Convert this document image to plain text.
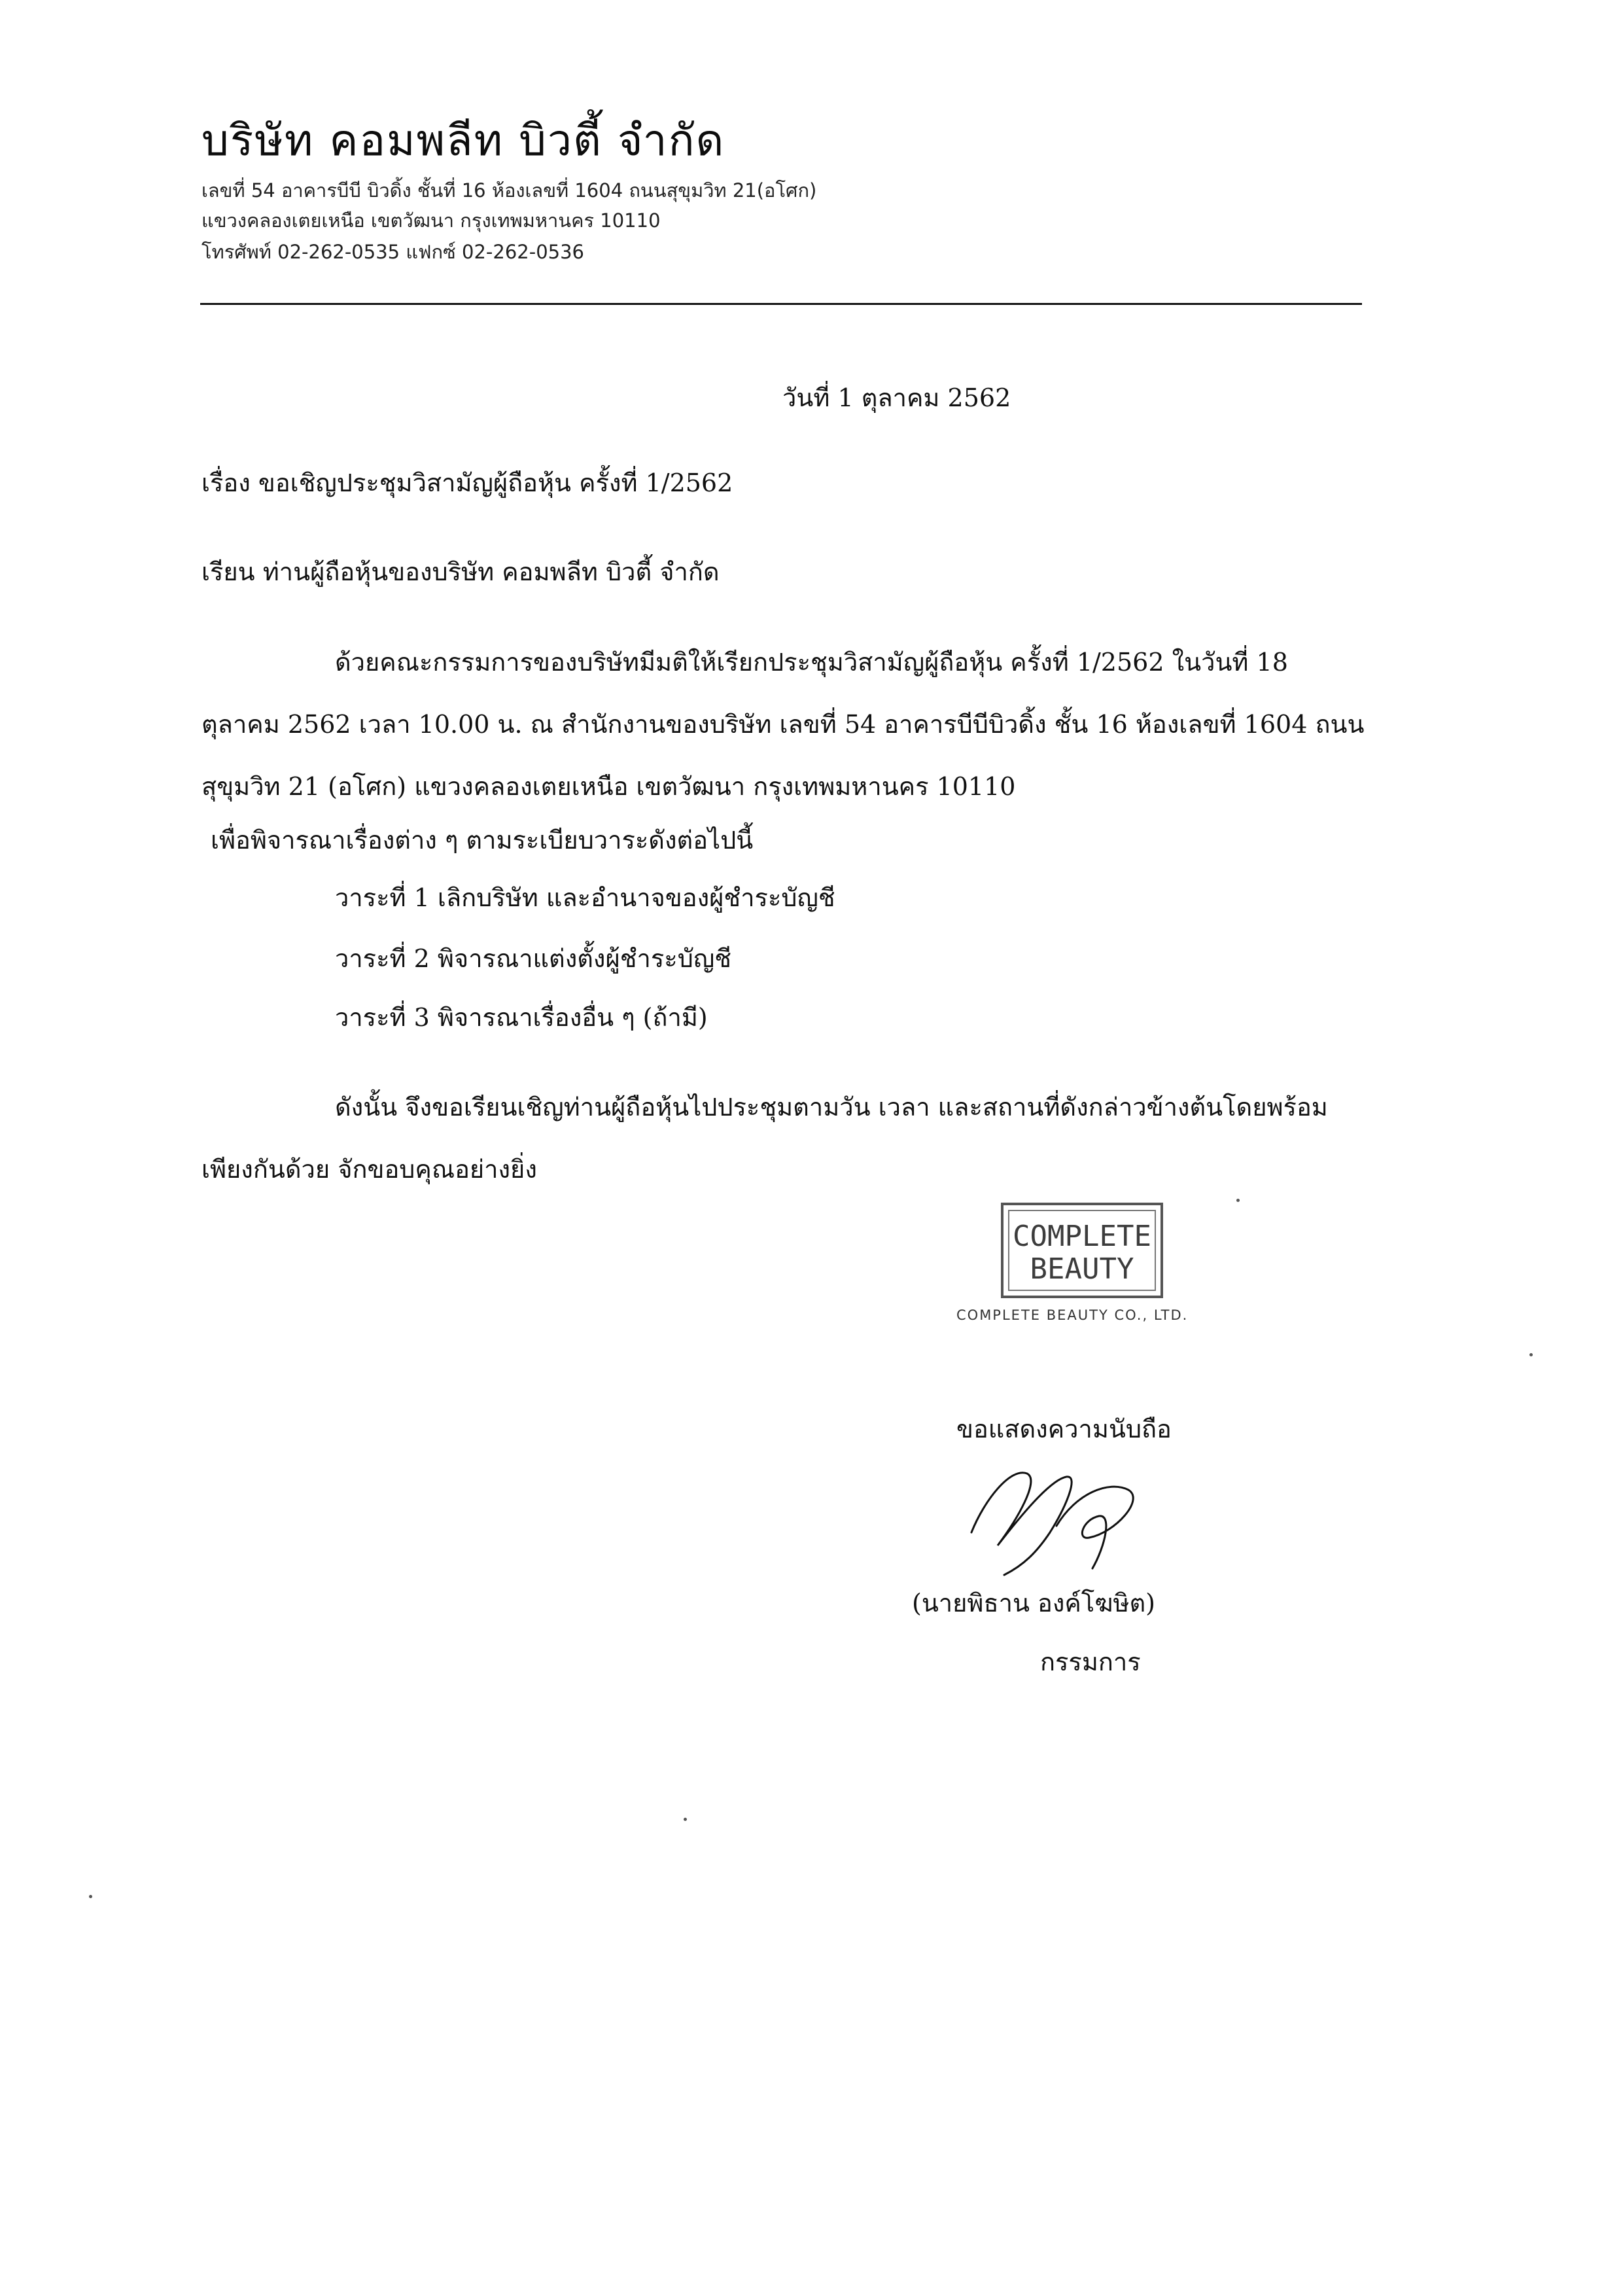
บริษัท คอมพลีท บิวตี้ จำกัด
เลขที่ 54 อาคารบีบี บิวดิ้ง ชั้นที่ 16 ห้องเลขที่ 1604 ถนนสุขุมวิท 21(อโศก)
แขวงคลองเตยเหนือ เขตวัฒนา กรุงเทพมหานคร 10110
โทรศัพท์ 02-262-0535 แฟกซ์ 02-262-0536
วันที่ 1 ตุลาคม 2562
เรื่อง ขอเชิญประชุมวิสามัญผู้ถือหุ้น ครั้งที่ 1/2562
เรียน ท่านผู้ถือหุ้นของบริษัท คอมพลีท บิวตี้ จำกัด
ด้วยคณะกรรมการของบริษัทมีมติให้เรียกประชุมวิสามัญผู้ถือหุ้น ครั้งที่ 1/2562 ในวันที่ 18
ตุลาคม 2562 เวลา 10.00 น. ณ สำนักงานของบริษัท เลขที่ 54 อาคารบีบีบิวดิ้ง ชั้น 16 ห้องเลขที่ 1604 ถนน
สุขุมวิท 21 (อโศก) แขวงคลองเตยเหนือ เขตวัฒนา กรุงเทพมหานคร 10110
เพื่อพิจารณาเรื่องต่าง ๆ ตามระเบียบวาระดังต่อไปนี้
วาระที่ 1 เลิกบริษัท และอำนาจของผู้ชำระบัญชี
วาระที่ 2 พิจารณาแต่งตั้งผู้ชำระบัญชี
วาระที่ 3 พิจารณาเรื่องอื่น ๆ (ถ้ามี)
ดังนั้น จึงขอเรียนเชิญท่านผู้ถือหุ้นไปประชุมตามวัน เวลา และสถานที่ดังกล่าวข้างต้นโดยพร้อม
เพียงกันด้วย จักขอบคุณอย่างยิ่ง
COMPLETE
BEAUTY
COMPLETE BEAUTY CO., LTD.
ขอแสดงความนับถือ
(นายพิธาน องค์โฆษิต)
กรรมการ
